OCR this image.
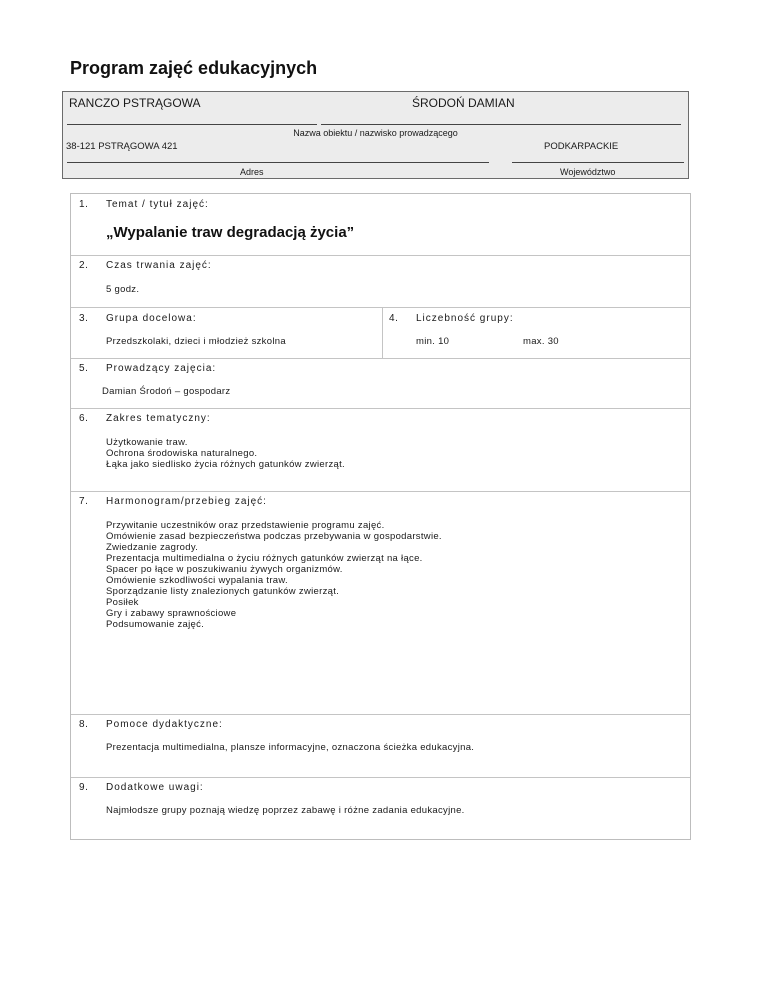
Program zajęć edukacyjnych
RANCZO PSTRĄGOWA	ŚRODOŃ DAMIAN
Nazwa obiektu / nazwisko prowadzącego
38-121 PSTRĄGOWA 421	PODKARPACKIE
Adres	Województwo
1. Temat / tytuł zajęć:
„Wypalanie traw degradacją życia”
2. Czas trwania zajęć:
5 godz.
3. Grupa docelowa:
Przedszkolaki, dzieci i młodzież szkolna
4. Liczebność grupy:
min. 10	max. 30
5. Prowadzący zajęcia:
Damian Środoń – gospodarz
6. Zakres tematyczny:
Użytkowanie traw.
Ochrona środowiska naturalnego.
Łąka jako siedlisko życia różnych gatunków zwierząt.
7. Harmonogram/przebieg zajęć:
Przywitanie uczestników oraz przedstawienie programu zajęć.
Omówienie zasad bezpieczeństwa podczas przebywania w gospodarstwie.
Zwiedzanie zagrody.
Prezentacja multimedialna o życiu różnych gatunków zwierząt na łące.
Spacer po łące w poszukiwaniu żywych organizmów.
Omówienie szkodliwości wypalania traw.
Sporządzanie listy znalezionych gatunków zwierząt.
Posiłek
Gry i zabawy sprawnościowe
Podsumowanie zajęć.
8. Pomoce dydaktyczne:
Prezentacja multimedialna, plansze informacyjne, oznaczona ścieżka edukacyjna.
9. Dodatkowe uwagi:
Najmłodsze grupy poznają wiedzę poprzez zabawę i różne zadania edukacyjne.
